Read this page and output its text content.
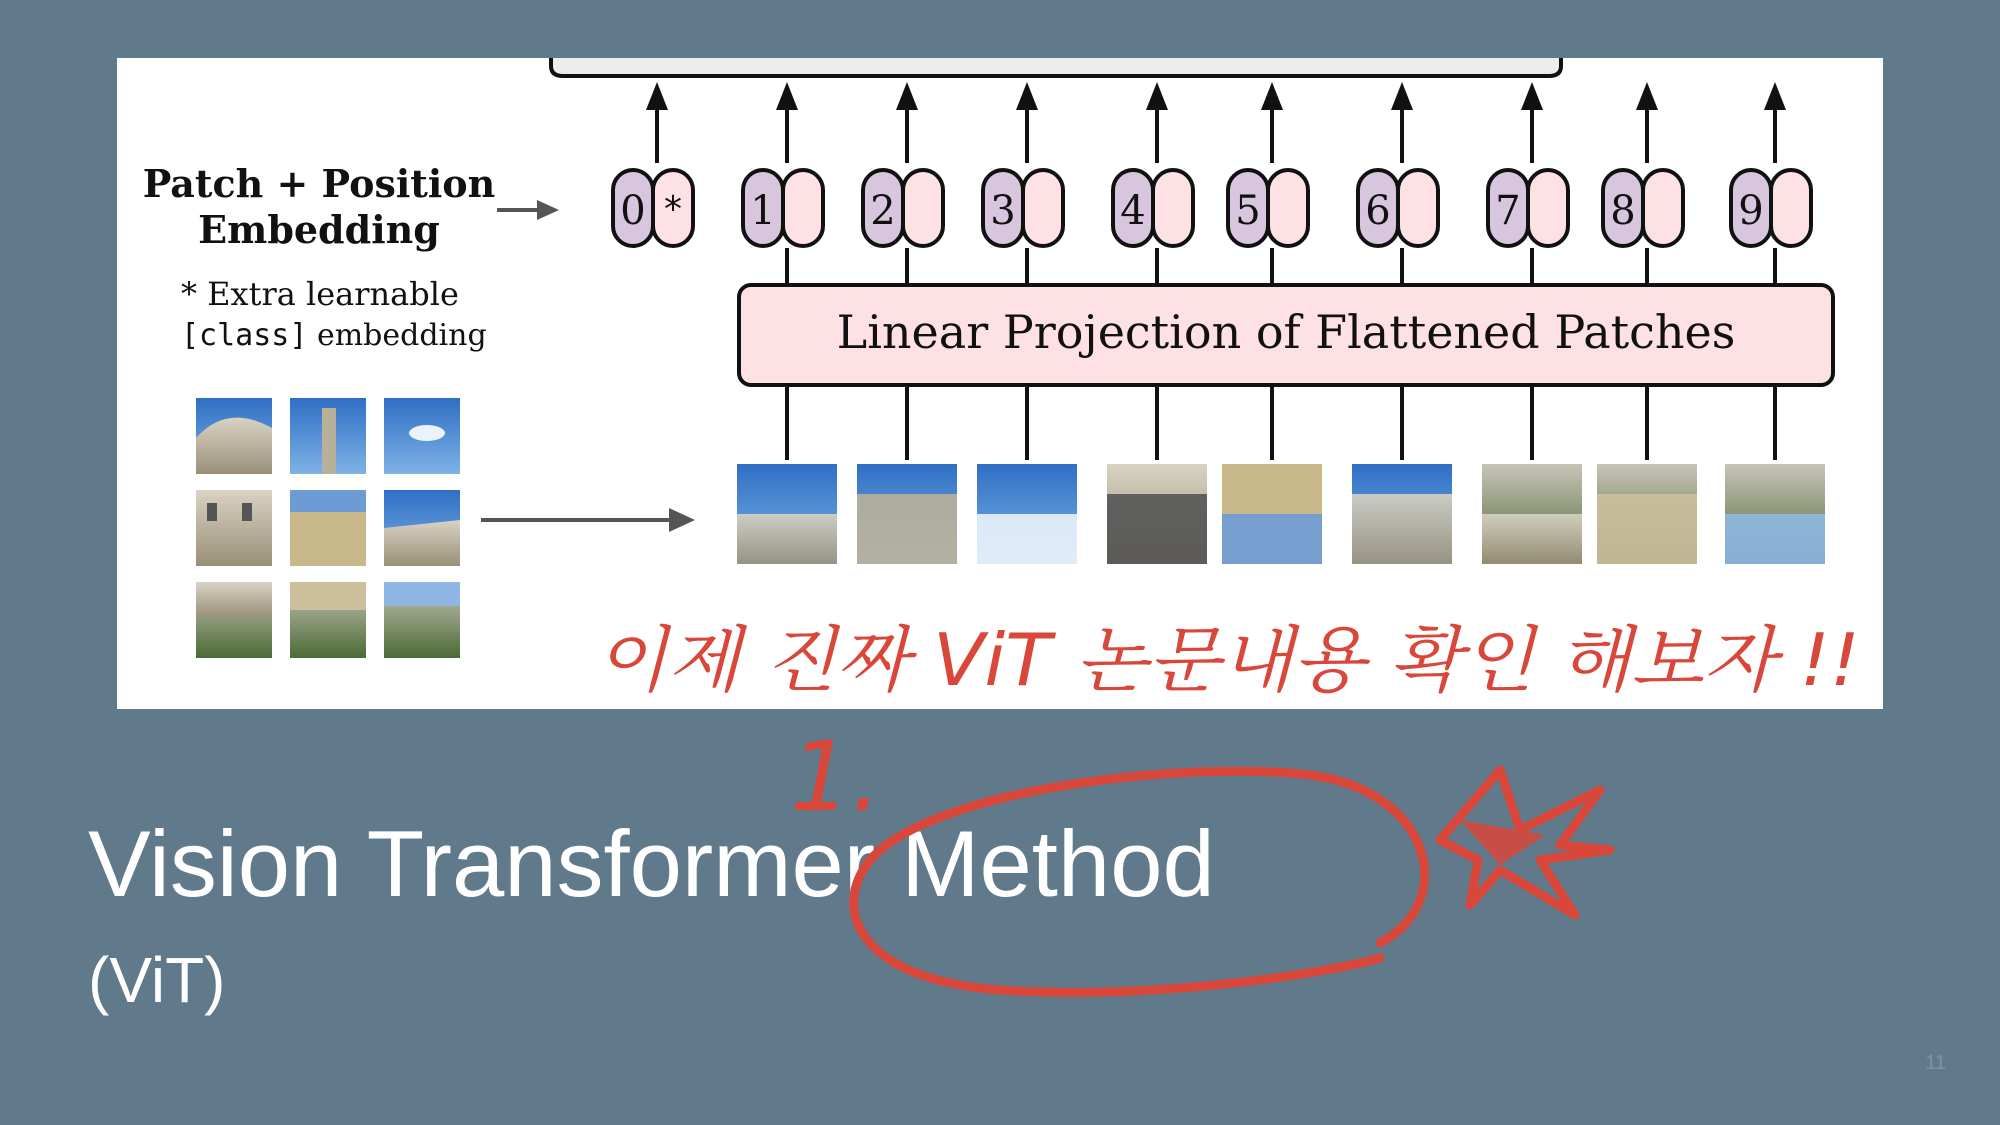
Patch + Position
Embedding
* Extra learnable
[class] embedding	Linear Projection of Flattened Patches
0 * 1 2 3	4 5	6	7 8	9
Vision Transformer Method
(ViT)
11
이제 진짜 ViT 논문내용 확인 해보자 !!
1.
